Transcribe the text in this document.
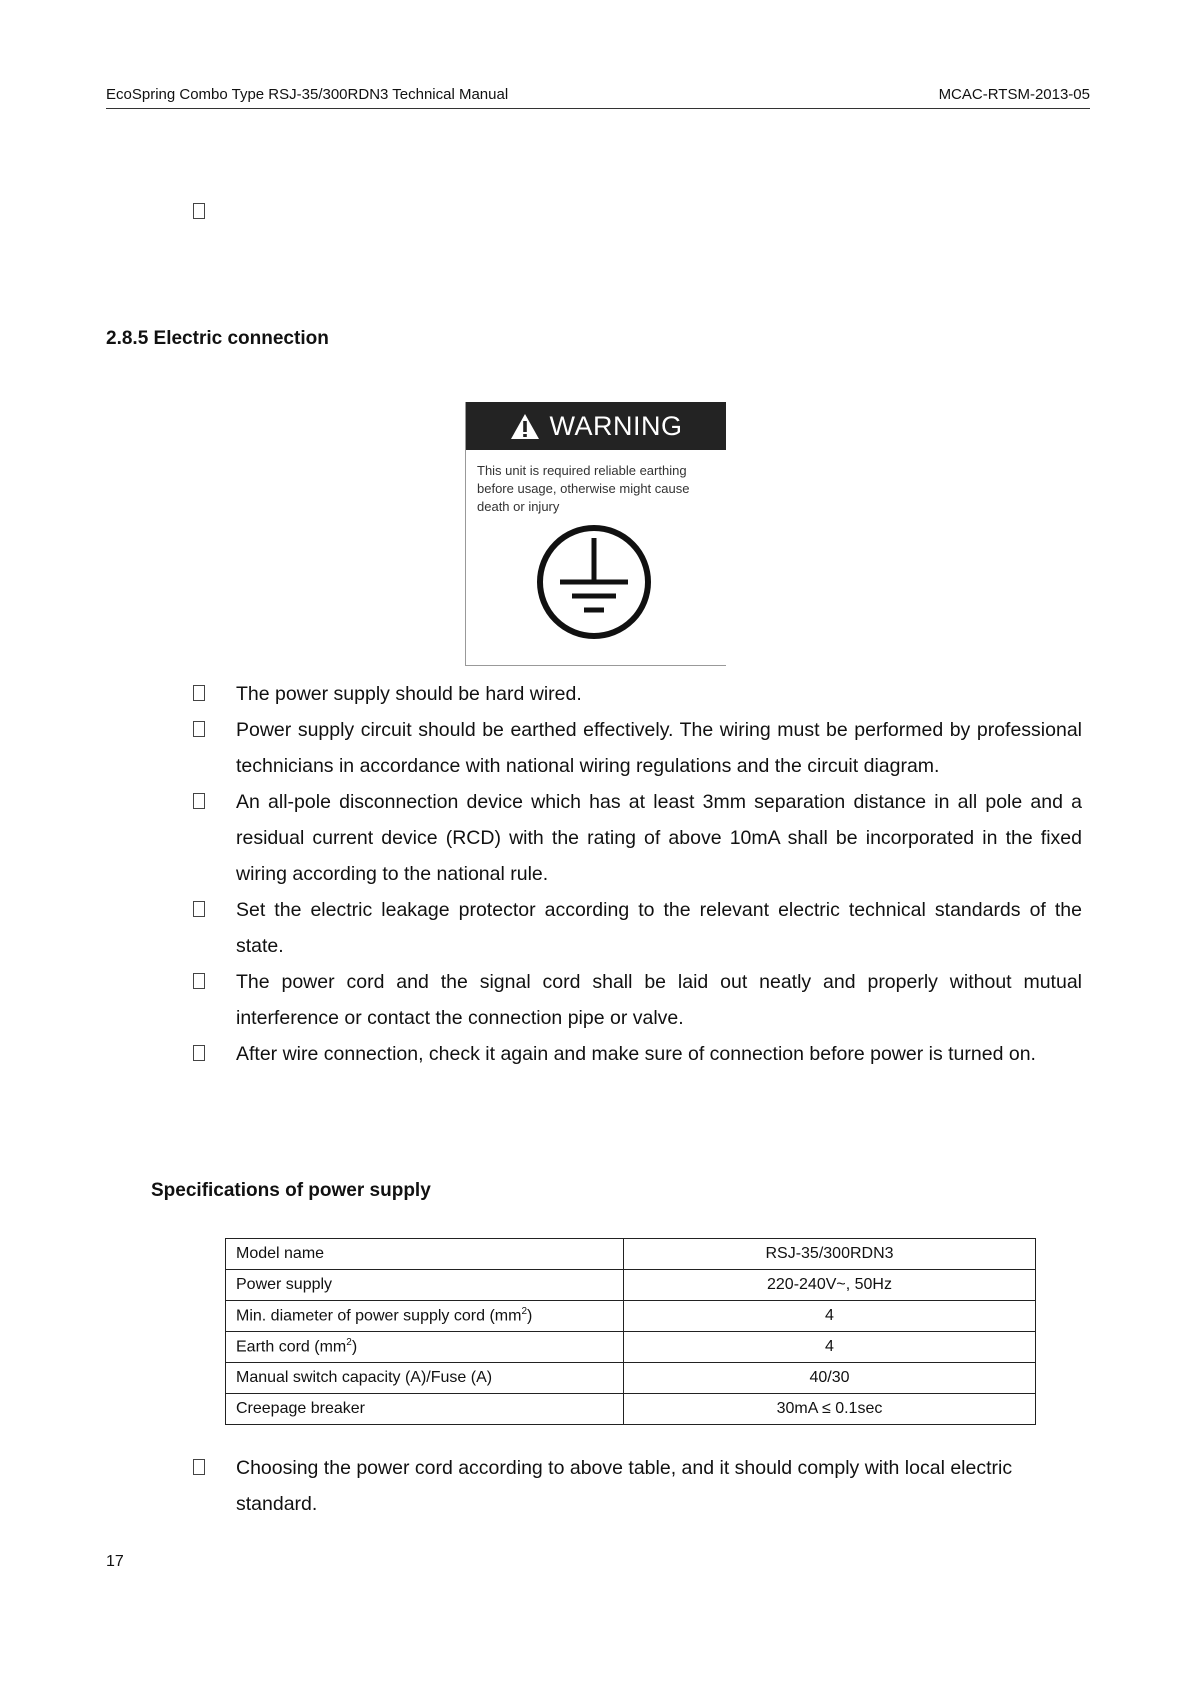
EcoSpring Combo Type RSJ-35/300RDN3 Technical Manual	MCAC-RTSM-2013-05
2.8.5 Electric connection
WARNING
This unit is required reliable earthing before usage, otherwise might cause death or injury
The power supply should be hard wired.
Power supply circuit should be earthed effectively. The wiring must be performed by professional technicians in accordance with national wiring regulations and the circuit diagram.
An all-pole disconnection device which has at least 3mm separation distance in all pole and a residual current device (RCD) with the rating of above 10mA shall be incorporated in the fixed wiring according to the national rule.
Set the electric leakage protector according to the relevant electric technical standards of the state.
The power cord and the signal cord shall be laid out neatly and properly without mutual interference or contact the connection pipe or valve.
After wire connection, check it again and make sure of connection before power is turned on.
Specifications of power supply
Model name	RSJ-35/300RDN3
Power supply	220-240V~, 50Hz
Min. diameter of power supply cord $(mm^2)$	4
Earth cord $(mm^2)$	4
Manual switch capacity (A)/Fuse (A)	40/30
Creepage breaker	30mA ≤ 0.1sec
Choosing the power cord according to above table, and it should comply with local electric standard.
17
